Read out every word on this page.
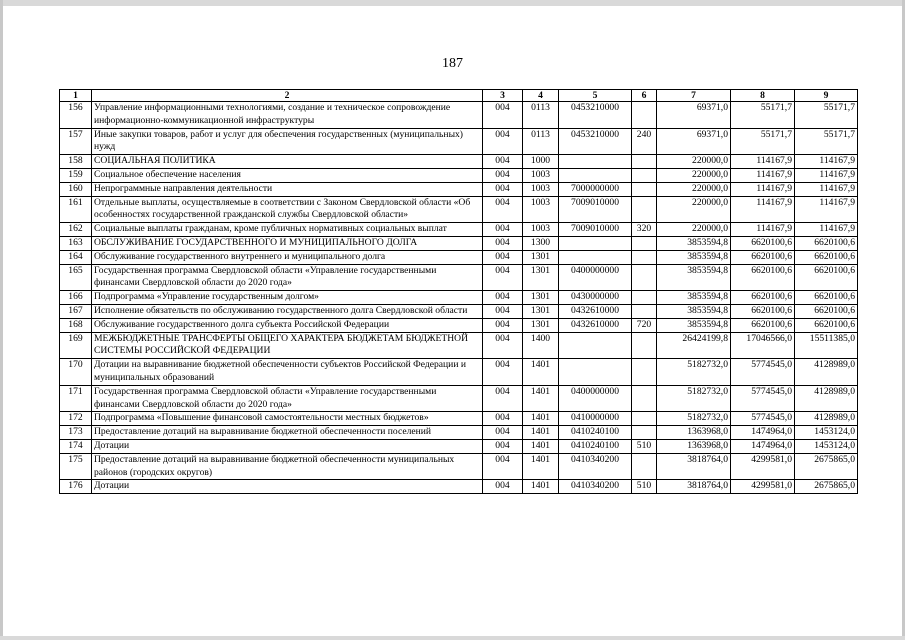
187
1	2	3	4	5	6	7	8	9
156	Управление информационными технологиями, создание и техническое сопровождение информационно-коммуникационной инфраструктуры	004	0113	0453210000		69371,0	55171,7	55171,7
157	Иные закупки товаров, работ и услуг для обеспечения государственных (муниципальных) нужд	004	0113	0453210000	240	69371,0	55171,7	55171,7
158	СОЦИАЛЬНАЯ ПОЛИТИКА	004	1000			220000,0	114167,9	114167,9
159	Социальное обеспечение населения	004	1003			220000,0	114167,9	114167,9
160	Непрограммные направления деятельности	004	1003	7000000000		220000,0	114167,9	114167,9
161	Отдельные выплаты, осуществляемые в соответствии с Законом Свердловской области «Об особенностях государственной гражданской службы Свердловской области»	004	1003	7009010000		220000,0	114167,9	114167,9
162	Социальные выплаты гражданам, кроме публичных нормативных социальных выплат	004	1003	7009010000	320	220000,0	114167,9	114167,9
163	ОБСЛУЖИВАНИЕ ГОСУДАРСТВЕННОГО И МУНИЦИПАЛЬНОГО ДОЛГА	004	1300			3853594,8	6620100,6	6620100,6
164	Обслуживание государственного внутреннего и муниципального долга	004	1301			3853594,8	6620100,6	6620100,6
165	Государственная программа Свердловской области «Управление государственными финансами Свердловской области до 2020 года»	004	1301	0400000000		3853594,8	6620100,6	6620100,6
166	Подпрограмма «Управление государственным долгом»	004	1301	0430000000		3853594,8	6620100,6	6620100,6
167	Исполнение обязательств по обслуживанию государственного долга Свердловской области	004	1301	0432610000		3853594,8	6620100,6	6620100,6
168	Обслуживание государственного долга субъекта Российской Федерации	004	1301	0432610000	720	3853594,8	6620100,6	6620100,6
169	МЕЖБЮДЖЕТНЫЕ ТРАНСФЕРТЫ ОБЩЕГО ХАРАКТЕРА БЮДЖЕТАМ БЮДЖЕТНОЙ СИСТЕМЫ РОССИЙСКОЙ ФЕДЕРАЦИИ	004	1400			26424199,8	17046566,0	15511385,0
170	Дотации на выравнивание бюджетной обеспеченности субъектов Российской Федерации и муниципальных образований	004	1401			5182732,0	5774545,0	4128989,0
171	Государственная программа Свердловской области «Управление государственными финансами Свердловской области до 2020 года»	004	1401	0400000000		5182732,0	5774545,0	4128989,0
172	Подпрограмма «Повышение финансовой самостоятельности местных бюджетов»	004	1401	0410000000		5182732,0	5774545,0	4128989,0
173	Предоставление дотаций на выравнивание бюджетной обеспеченности поселений	004	1401	0410240100		1363968,0	1474964,0	1453124,0
174	Дотации	004	1401	0410240100	510	1363968,0	1474964,0	1453124,0
175	Предоставление дотаций на выравнивание бюджетной обеспеченности муниципальных районов (городских округов)	004	1401	0410340200		3818764,0	4299581,0	2675865,0
176	Дотации	004	1401	0410340200	510	3818764,0	4299581,0	2675865,0
